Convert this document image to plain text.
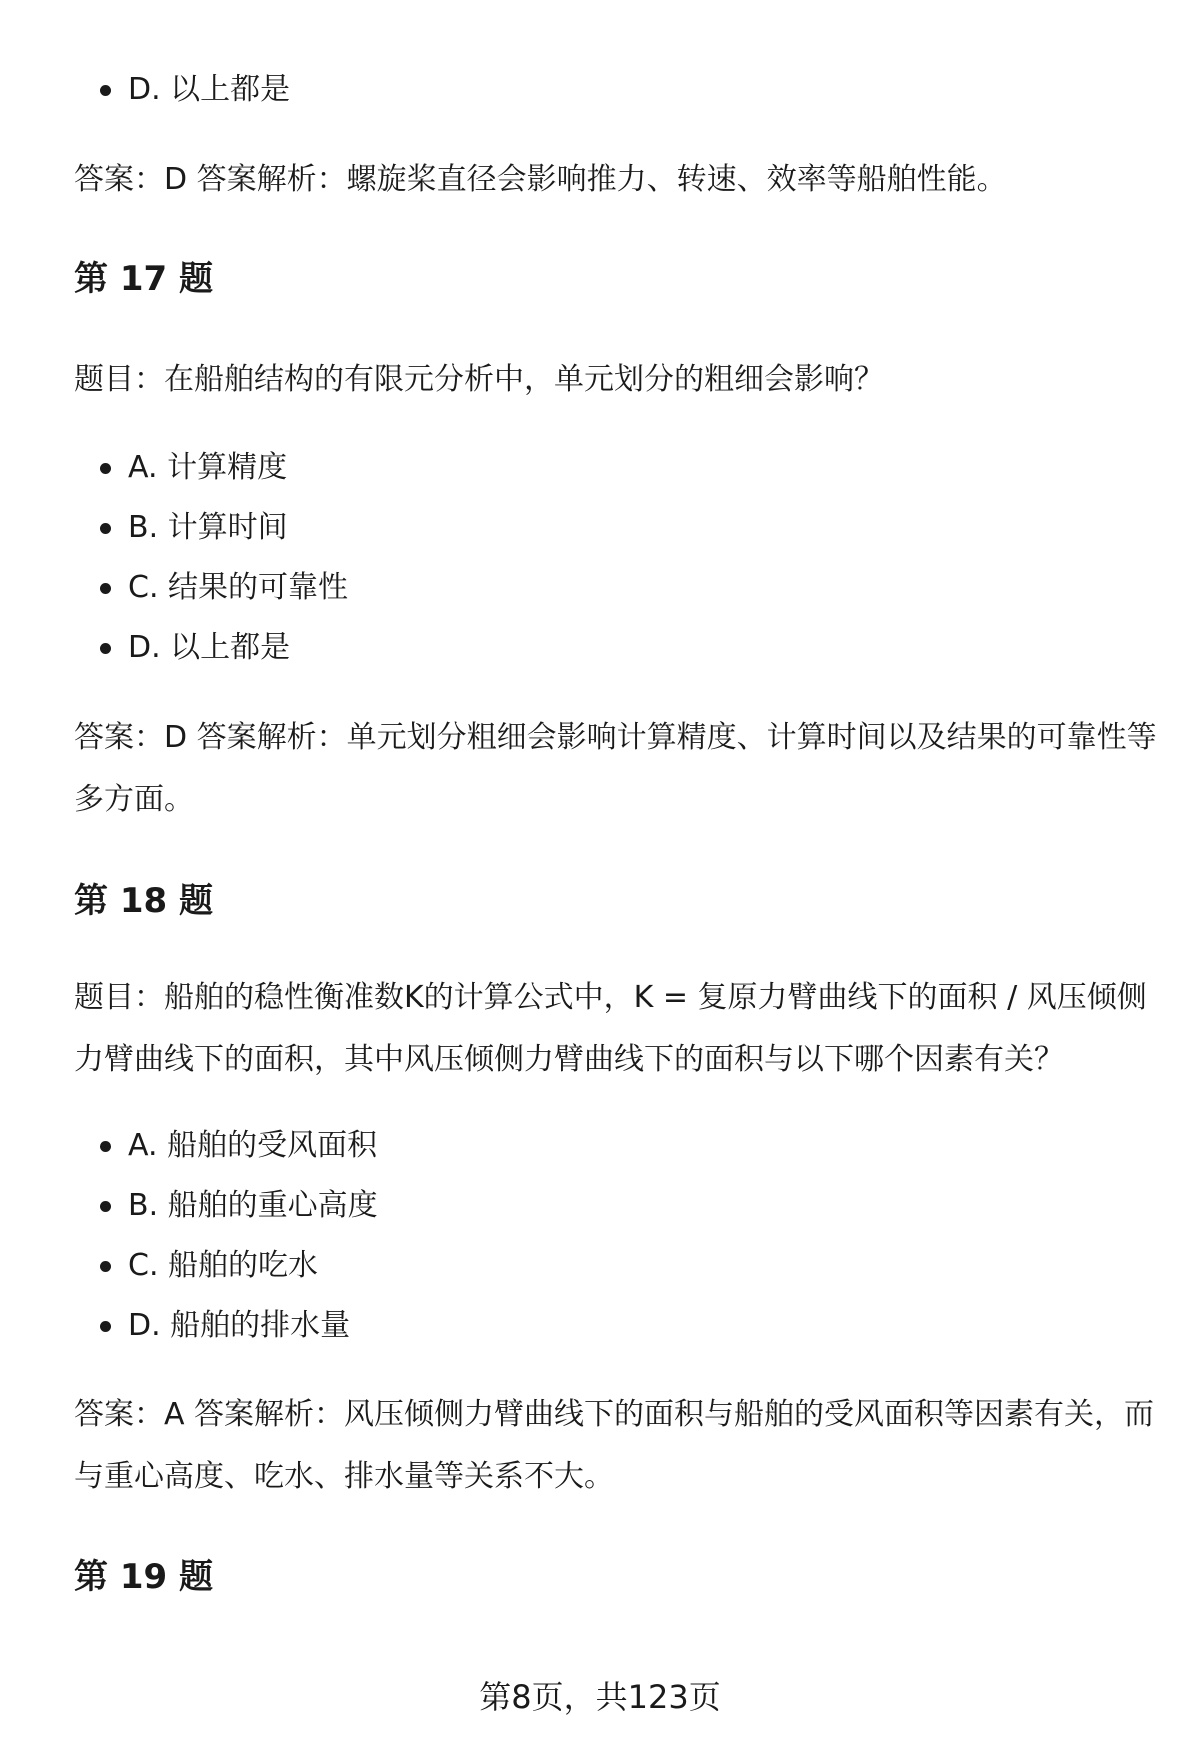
D. 以上都是
答案：D 答案解析：螺旋桨直径会影响推力、转速、效率等船舶性能。
第 17 题
题目：在船舶结构的有限元分析中，单元划分的粗细会影响？
A. 计算精度
B. 计算时间
C. 结果的可靠性
D. 以上都是
答案：D 答案解析：单元划分粗细会影响计算精度、计算时间以及结果的可靠性等
多方面。
第 18 题
题目：船舶的稳性衡准数K的计算公式中，K = 复原力臂曲线下的面积 / 风压倾侧
力臂曲线下的面积，其中风压倾侧力臂曲线下的面积与以下哪个因素有关？
A. 船舶的受风面积
B. 船舶的重心高度
C. 船舶的吃水
D. 船舶的排水量
答案：A 答案解析：风压倾侧力臂曲线下的面积与船舶的受风面积等因素有关，而
与重心高度、吃水、排水量等关系不大。
第 19 题
第8页，共123页
